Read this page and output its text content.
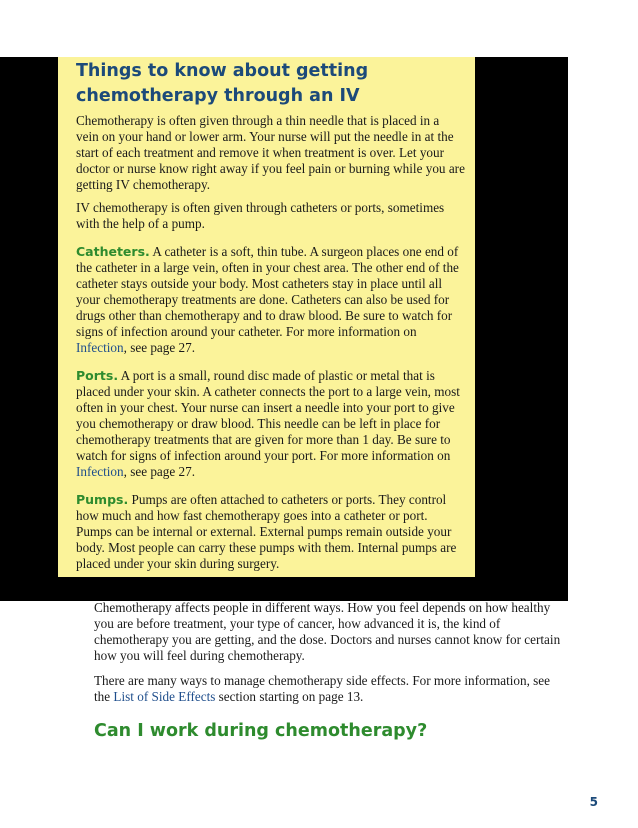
Things to know about getting chemotherapy through an IV

Chemotherapy is often given through a thin needle that is placed in a vein on your hand or lower arm. Your nurse will put the needle in at the start of each treatment and remove it when treatment is over. Let your doctor or nurse know right away if you feel pain or burning while you are getting IV chemotherapy.

IV chemotherapy is often given through catheters or ports, sometimes with the help of a pump.

Catheters. A catheter is a soft, thin tube. A surgeon places one end of the catheter in a large vein, often in your chest area. The other end of the catheter stays outside your body. Most catheters stay in place until all your chemotherapy treatments are done. Catheters can also be used for drugs other than chemotherapy and to draw blood. Be sure to watch for signs of infection around your catheter. For more information on Infection, see page 27.

Ports. A port is a small, round disc made of plastic or metal that is placed under your skin. A catheter connects the port to a large vein, most often in your chest. Your nurse can insert a needle into your port to give you chemotherapy or draw blood. This needle can be left in place for chemotherapy treatments that are given for more than 1 day. Be sure to watch for signs of infection around your port. For more information on Infection, see page 27.

Pumps. Pumps are often attached to catheters or ports. They control how much and how fast chemotherapy goes into a catheter or port. Pumps can be internal or external. External pumps remain outside your body. Most people can carry these pumps with them. Internal pumps are placed under your skin during surgery.

Chemotherapy affects people in different ways. How you feel depends on how healthy you are before treatment, your type of cancer, how advanced it is, the kind of chemotherapy you are getting, and the dose. Doctors and nurses cannot know for certain how you will feel during chemotherapy.

There are many ways to manage chemotherapy side effects. For more information, see the List of Side Effects section starting on page 13.

Can I work during chemotherapy?
5
